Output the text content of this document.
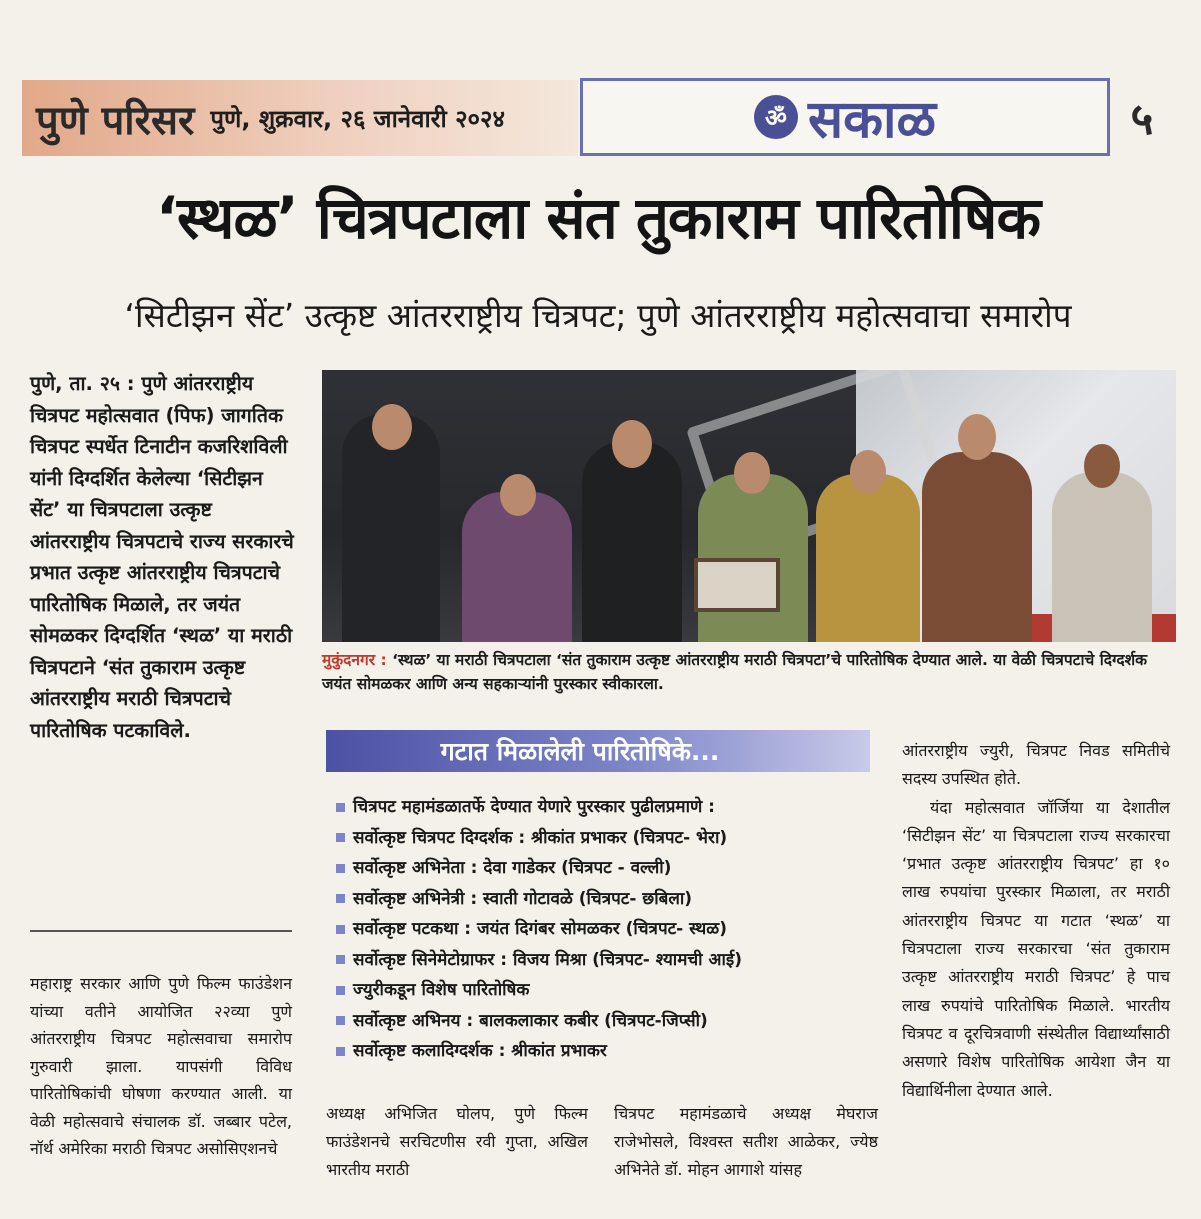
पुणे परिसर पुणे, शुक्रवार, २६ जानेवारी २०२४	ॐ सकाळ	५
‘स्थळ’ चित्रपटाला संत तुकाराम पारितोषिक
‘सिटीझन सेंट’ उत्कृष्ट आंतरराष्ट्रीय चित्रपट; पुणे आंतरराष्ट्रीय महोत्सवाचा समारोप
पुणे, ता. २५ : पुणे आंतरराष्ट्रीय चित्रपट महोत्सवात (पिफ) जागतिक चित्रपट स्पर्धेत टिनाटीन कजरिशविली यांनी दिग्दर्शित केलेल्या ‘सिटीझन सेंट’ या चित्रपटाला उत्कृष्ट आंतरराष्ट्रीय चित्रपटाचे राज्य सरकारचे प्रभात उत्कृष्ट आंतरराष्ट्रीय चित्रपटाचे पारितोषिक मिळाले, तर जयंत सोमळकर दिग्दर्शित ‘स्थळ’ या मराठी चित्रपटाने ‘संत तुकाराम उत्कृष्ट आंतरराष्ट्रीय मराठी चित्रपटाचे पारितोषिक पटकाविले.
महाराष्ट्र सरकार आणि पुणे फिल्म फाउंडेशन यांच्या वतीने आयोजित २२व्या पुणे आंतरराष्ट्रीय चित्रपट महोत्सवाचा समारोप गुरुवारी झाला. यापसंगी विविध पारितोषिकांची घोषणा करण्यात आली. या वेळी महोत्सवाचे संचालक डॉ. जब्बार पटेल, नॉर्थ अमेरिका मराठी चित्रपट असोसिएशनचे
मुकुंदनगर : ‘स्थळ’ या मराठी चित्रपटाला ‘संत तुकाराम उत्कृष्ट आंतरराष्ट्रीय मराठी चित्रपटा’चे पारितोषिक देण्यात आले. या वेळी चित्रपटाचे दिग्दर्शक जयंत सोमळकर आणि अन्य सहकाऱ्यांनी पुरस्कार स्वीकारला.
गटात मिळालेली पारितोषिके...
चित्रपट महामंडळातर्फे देण्यात येणारे पुरस्कार पुढीलप्रमाणे :
सर्वोत्कृष्ट चित्रपट दिग्दर्शक : श्रीकांत प्रभाकर (चित्रपट- भेरा)
सर्वोत्कृष्ट अभिनेता : देवा गाडेकर (चित्रपट - वल्ली)
सर्वोत्कृष्ट अभिनेत्री : स्वाती गोटावळे (चित्रपट- छबिला)
सर्वोत्कृष्ट पटकथा : जयंत दिगंबर सोमळकर (चित्रपट- स्थळ)
सर्वोत्कृष्ट सिनेमेटोग्राफर : विजय मिश्रा (चित्रपट- श्यामची आई)
ज्युरीकडून विशेष पारितोषिक
सर्वोत्कृष्ट अभिनय : बालकलाकार कबीर (चित्रपट-जिप्सी)
सर्वोत्कृष्ट कलादिग्दर्शक : श्रीकांत प्रभाकर
अध्यक्ष अभिजित घोलप, पुणे फिल्म फाउंडेशनचे सरचिटणीस रवी गुप्ता, अखिल भारतीय मराठी
चित्रपट महामंडळाचे अध्यक्ष मेघराज राजेभोसले, विश्वस्त सतीश आळेकर, ज्येष्ठ अभिनेते डॉ. मोहन आगाशे यांसह

आंतरराष्ट्रीय ज्युरी, चित्रपट निवड समितीचे सदस्य उपस्थित होते.

यंदा महोत्सवात जॉर्जिया या देशातील ‘सिटीझन सेंट’ या चित्रपटाला राज्य सरकारचा ‘प्रभात उत्कृष्ट आंतरराष्ट्रीय चित्रपट’ हा १० लाख रुपयांचा पुरस्कार मिळाला, तर मराठी आंतरराष्ट्रीय चित्रपट या गटात ‘स्थळ’ या चित्रपटाला राज्य सरकारचा ‘संत तुकाराम उत्कृष्ट आंतरराष्ट्रीय मराठी चित्रपट’ हे पाच लाख रुपयांचे पारितोषिक मिळाले. भारतीय चित्रपट व दूरचित्रवाणी संस्थेतील विद्यार्थ्यांसाठी असणारे विशेष पारितोषिक आयेशा जैन या विद्यार्थिनीला देण्यात आले.
